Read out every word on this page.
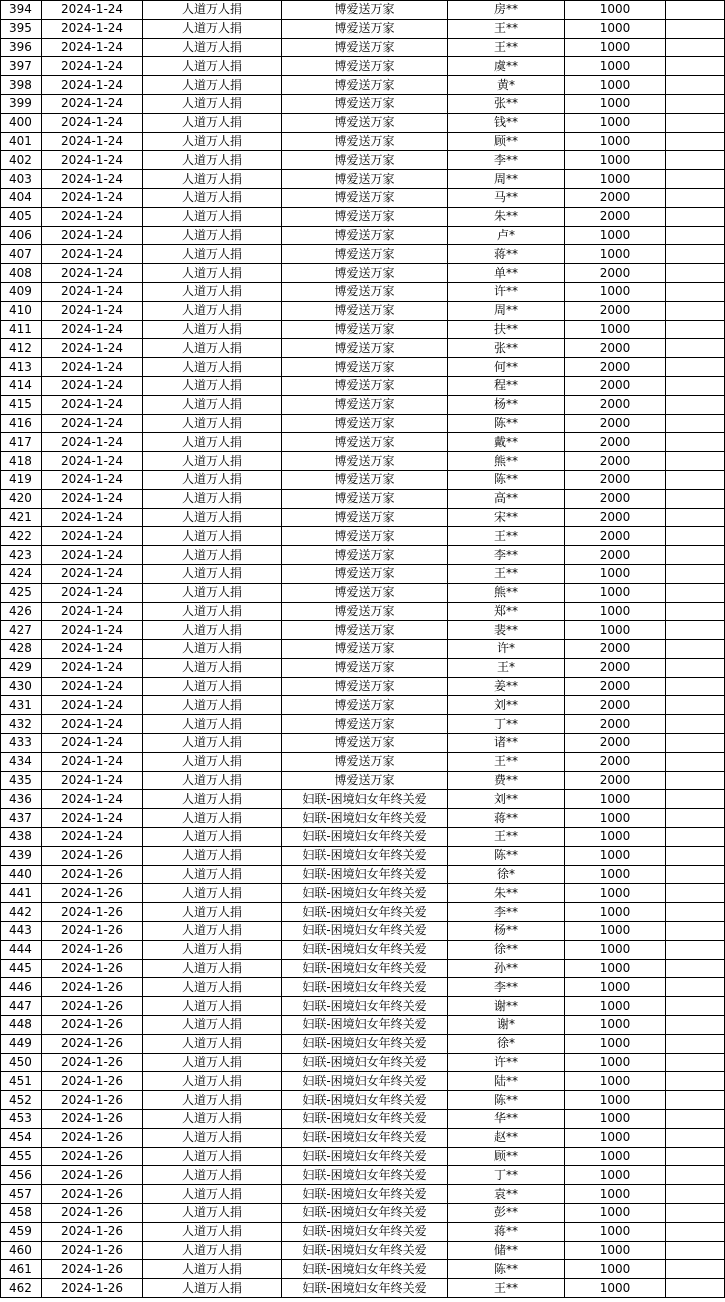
394	2024-1-24	人道万人捐	博爱送万家	房**	1000	
395	2024-1-24	人道万人捐	博爱送万家	王**	1000	
396	2024-1-24	人道万人捐	博爱送万家	王**	1000	
397	2024-1-24	人道万人捐	博爱送万家	虞**	1000	
398	2024-1-24	人道万人捐	博爱送万家	黄*	1000	
399	2024-1-24	人道万人捐	博爱送万家	张**	1000	
400	2024-1-24	人道万人捐	博爱送万家	钱**	1000	
401	2024-1-24	人道万人捐	博爱送万家	顾**	1000	
402	2024-1-24	人道万人捐	博爱送万家	李**	1000	
403	2024-1-24	人道万人捐	博爱送万家	周**	1000	
404	2024-1-24	人道万人捐	博爱送万家	马**	2000	
405	2024-1-24	人道万人捐	博爱送万家	朱**	2000	
406	2024-1-24	人道万人捐	博爱送万家	卢*	1000	
407	2024-1-24	人道万人捐	博爱送万家	蒋**	1000	
408	2024-1-24	人道万人捐	博爱送万家	单**	2000	
409	2024-1-24	人道万人捐	博爱送万家	许**	1000	
410	2024-1-24	人道万人捐	博爱送万家	周**	2000	
411	2024-1-24	人道万人捐	博爱送万家	扶**	1000	
412	2024-1-24	人道万人捐	博爱送万家	张**	2000	
413	2024-1-24	人道万人捐	博爱送万家	何**	2000	
414	2024-1-24	人道万人捐	博爱送万家	程**	2000	
415	2024-1-24	人道万人捐	博爱送万家	杨**	2000	
416	2024-1-24	人道万人捐	博爱送万家	陈**	2000	
417	2024-1-24	人道万人捐	博爱送万家	戴**	2000	
418	2024-1-24	人道万人捐	博爱送万家	熊**	2000	
419	2024-1-24	人道万人捐	博爱送万家	陈**	2000	
420	2024-1-24	人道万人捐	博爱送万家	高**	2000	
421	2024-1-24	人道万人捐	博爱送万家	宋**	2000	
422	2024-1-24	人道万人捐	博爱送万家	王**	2000	
423	2024-1-24	人道万人捐	博爱送万家	李**	2000	
424	2024-1-24	人道万人捐	博爱送万家	王**	1000	
425	2024-1-24	人道万人捐	博爱送万家	熊**	1000	
426	2024-1-24	人道万人捐	博爱送万家	郑**	1000	
427	2024-1-24	人道万人捐	博爱送万家	裴**	1000	
428	2024-1-24	人道万人捐	博爱送万家	许*	2000	
429	2024-1-24	人道万人捐	博爱送万家	王*	2000	
430	2024-1-24	人道万人捐	博爱送万家	姜**	2000	
431	2024-1-24	人道万人捐	博爱送万家	刘**	2000	
432	2024-1-24	人道万人捐	博爱送万家	丁**	2000	
433	2024-1-24	人道万人捐	博爱送万家	诸**	2000	
434	2024-1-24	人道万人捐	博爱送万家	王**	2000	
435	2024-1-24	人道万人捐	博爱送万家	费**	2000	
436	2024-1-24	人道万人捐	妇联-困境妇女年终关爱	刘**	1000	
437	2024-1-24	人道万人捐	妇联-困境妇女年终关爱	蒋**	1000	
438	2024-1-24	人道万人捐	妇联-困境妇女年终关爱	王**	1000	
439	2024-1-26	人道万人捐	妇联-困境妇女年终关爱	陈**	1000	
440	2024-1-26	人道万人捐	妇联-困境妇女年终关爱	徐*	1000	
441	2024-1-26	人道万人捐	妇联-困境妇女年终关爱	朱**	1000	
442	2024-1-26	人道万人捐	妇联-困境妇女年终关爱	李**	1000	
443	2024-1-26	人道万人捐	妇联-困境妇女年终关爱	杨**	1000	
444	2024-1-26	人道万人捐	妇联-困境妇女年终关爱	徐**	1000	
445	2024-1-26	人道万人捐	妇联-困境妇女年终关爱	孙**	1000	
446	2024-1-26	人道万人捐	妇联-困境妇女年终关爱	李**	1000	
447	2024-1-26	人道万人捐	妇联-困境妇女年终关爱	谢**	1000	
448	2024-1-26	人道万人捐	妇联-困境妇女年终关爱	谢*	1000	
449	2024-1-26	人道万人捐	妇联-困境妇女年终关爱	徐*	1000	
450	2024-1-26	人道万人捐	妇联-困境妇女年终关爱	许**	1000	
451	2024-1-26	人道万人捐	妇联-困境妇女年终关爱	陆**	1000	
452	2024-1-26	人道万人捐	妇联-困境妇女年终关爱	陈**	1000	
453	2024-1-26	人道万人捐	妇联-困境妇女年终关爱	华**	1000	
454	2024-1-26	人道万人捐	妇联-困境妇女年终关爱	赵**	1000	
455	2024-1-26	人道万人捐	妇联-困境妇女年终关爱	顾**	1000	
456	2024-1-26	人道万人捐	妇联-困境妇女年终关爱	丁**	1000	
457	2024-1-26	人道万人捐	妇联-困境妇女年终关爱	袁**	1000	
458	2024-1-26	人道万人捐	妇联-困境妇女年终关爱	彭**	1000	
459	2024-1-26	人道万人捐	妇联-困境妇女年终关爱	蒋**	1000	
460	2024-1-26	人道万人捐	妇联-困境妇女年终关爱	储**	1000	
461	2024-1-26	人道万人捐	妇联-困境妇女年终关爱	陈**	1000	
462	2024-1-26	人道万人捐	妇联-困境妇女年终关爱	王**	1000	
